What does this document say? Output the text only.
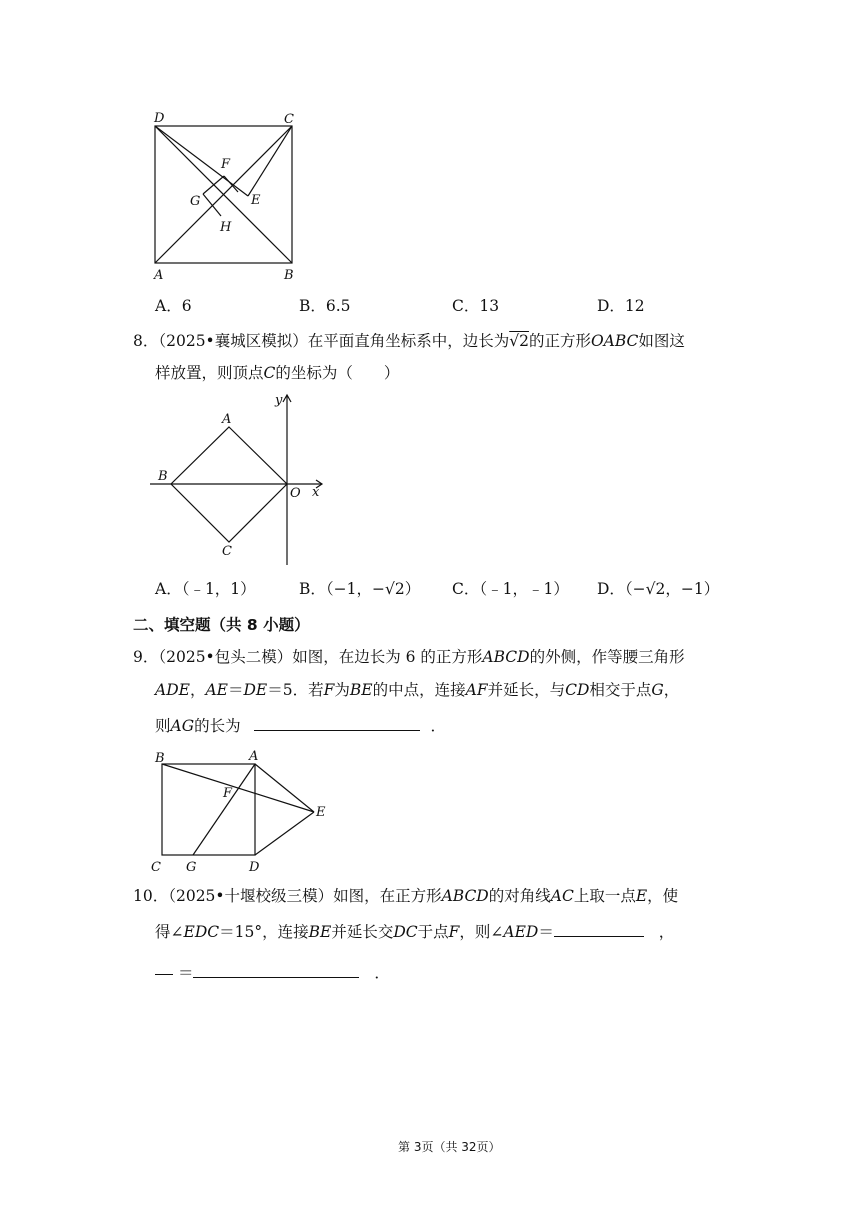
D	C
A	B
F
G	E
H
A．6	B．6.5	C．13	D．12
8．（2025•襄城区模拟）在平面直角坐标系中，边长为√2的正方形OABC如图这
样放置，则顶点C的坐标为（　　）
y
x
A
B
O
C
A．（﹣1，1）	B．（−1，−√2） C．（﹣1，﹣1） D．（−√2，−1）
二、填空题（共 8 小题）
9．（2025•包头二模）如图，在边长为 6 的正方形ABCD的外侧，作等腰三角形
ADE，AE＝DE＝5．若F为BE的中点，连接AF并延长，与CD相交于点G，
则AG的长为	．
B	A
F
E
C G	D
10．（2025•十堰校级三模）如图，在正方形ABCD的对角线AC上取一点E，使
得∠EDC＝15°，连接BE并延长交DC于点F，则∠AED＝	，
＝	．
第 3页（共 32页）
